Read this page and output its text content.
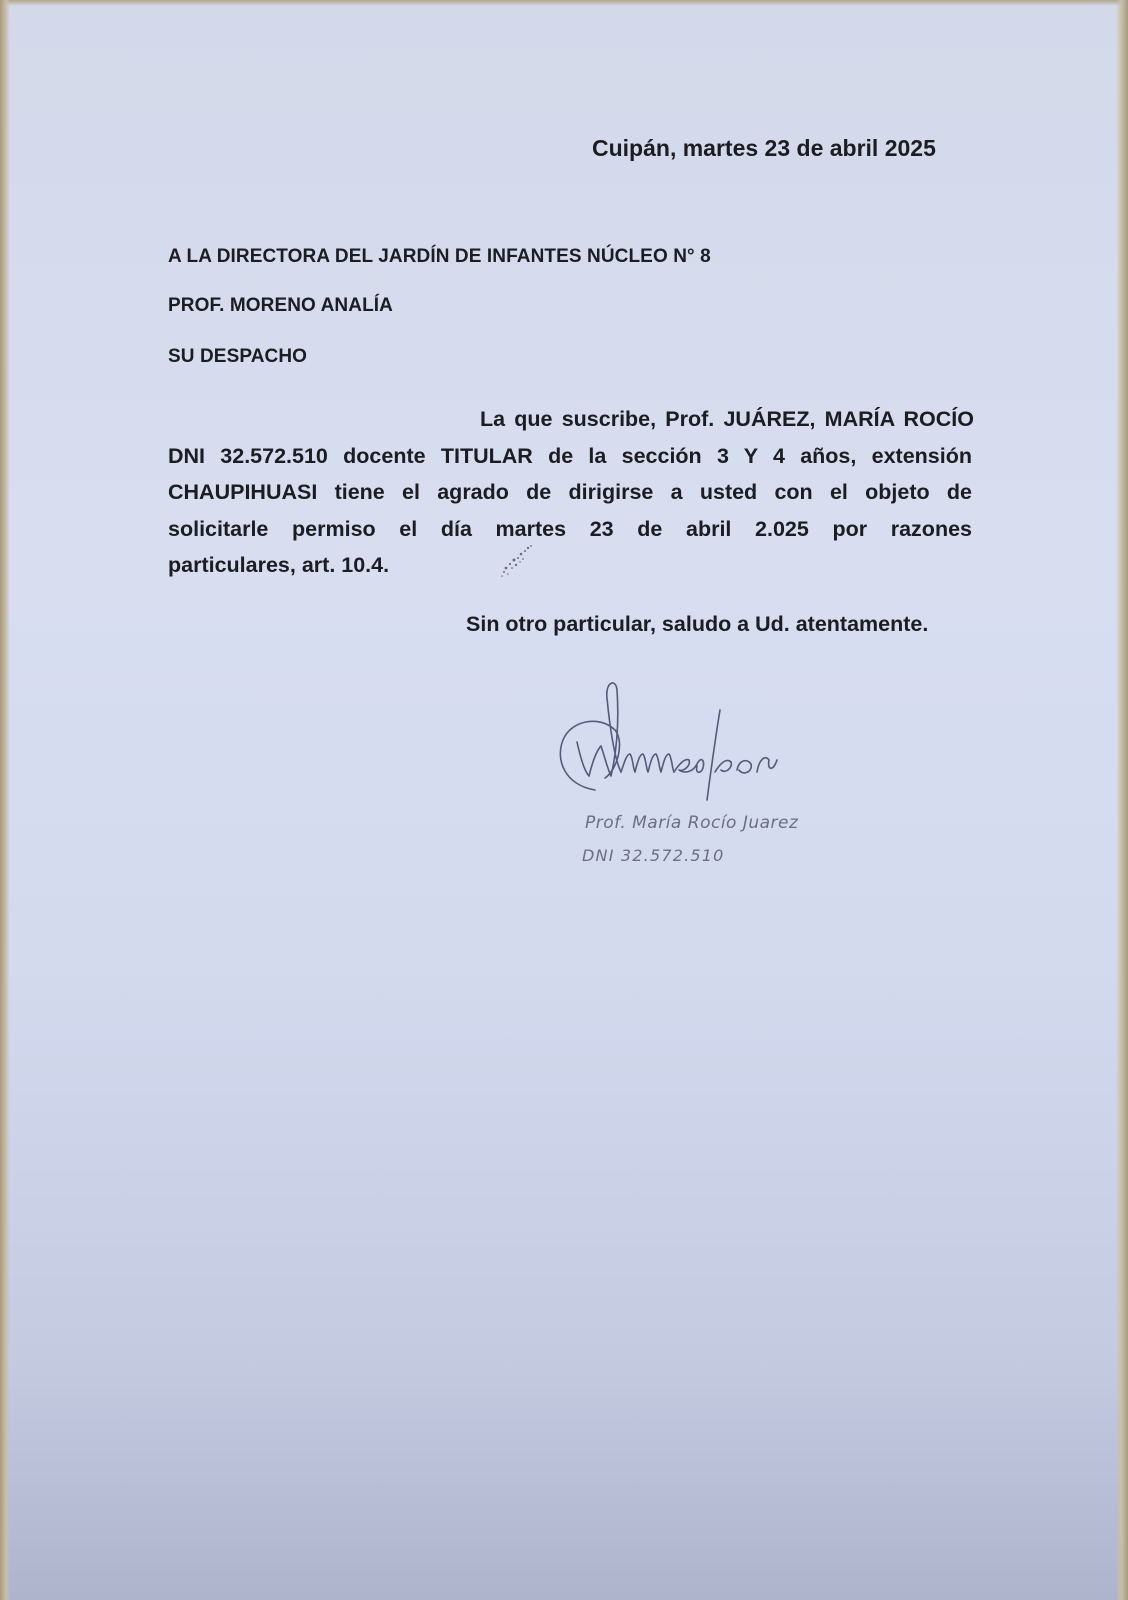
Cuipán, martes 23 de abril 2025
A LA DIRECTORA DEL JARDÍN DE INFANTES NÚCLEO N° 8
PROF. MORENO ANALÍA
SU DESPACHO
La que suscribe, Prof. JUÁREZ, MARÍA ROCÍO
DNI 32.572.510 docente TITULAR de la sección 3 Y 4 años, extensión
CHAUPIHUASI tiene el agrado de dirigirse a usted con el objeto de
solicitarle permiso el día martes 23 de abril 2.025 por razones
particulares, art. 10.4.
Prof. María Rocío Juarez
DNI 32.572.510
Sin otro particular, saludo a Ud. atentamente.
